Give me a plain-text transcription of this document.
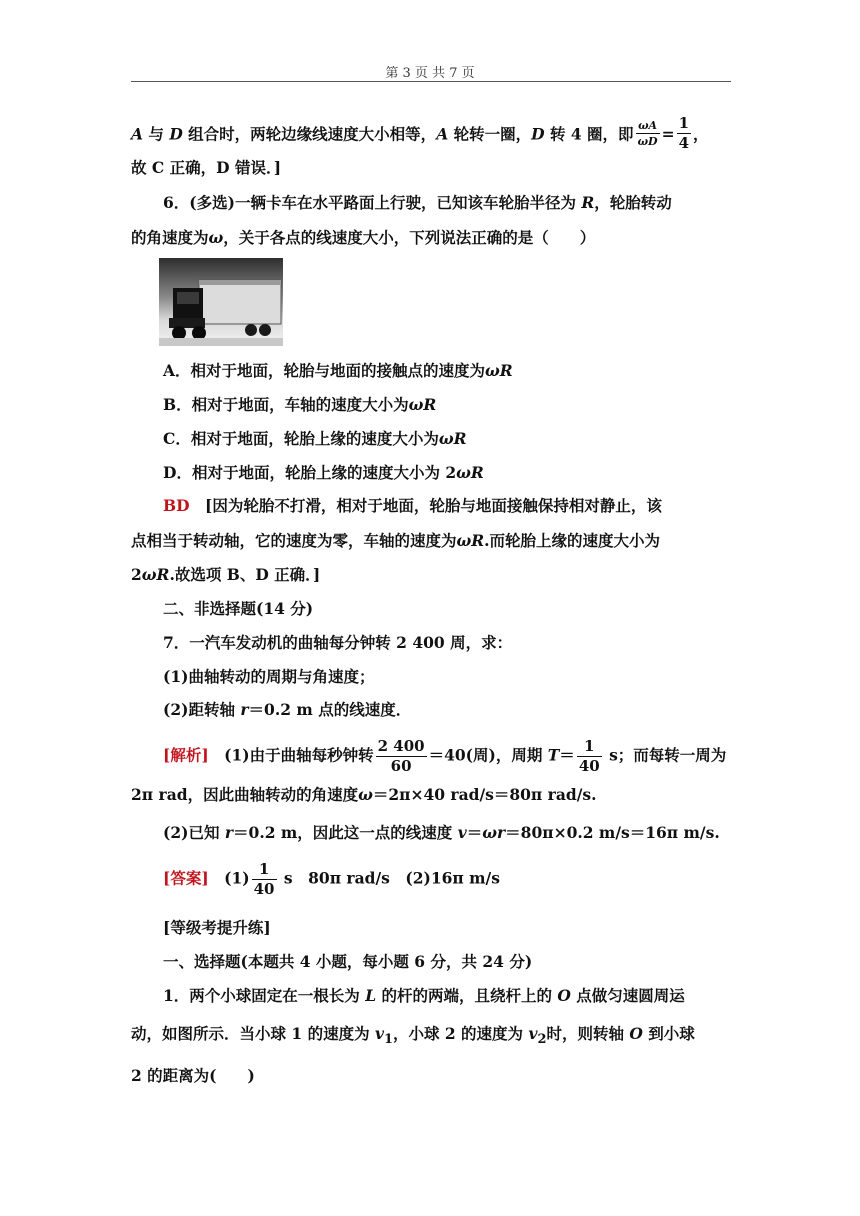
第 3 页 共 7 页
A 与 D 组合时，两轮边缘线速度大小相等，A 轮转一圈，D 转 4 圈，即 $\frac{\omega A}{\omega D} = \frac{1}{4}$ ，
故 C 正确，D 错误．]
6．(多选)一辆卡车在水平路面上行驶，已知该车轮胎半径为 R，轮胎转动
的角速度为ω，关于各点的线速度大小，下列说法正确的是（　　）
A．相对于地面，轮胎与地面的接触点的速度为ωR
B．相对于地面，车轴的速度大小为ωR
C．相对于地面，轮胎上缘的速度大小为ωR
D．相对于地面，轮胎上缘的速度大小为 2ωR
BD　[因为轮胎不打滑，相对于地面，轮胎与地面接触保持相对静止，该
点相当于转动轴，它的速度为零，车轴的速度为ωR.而轮胎上缘的速度大小为
2ωR.故选项 B、D 正确．]
二、非选择题(14 分)
7．一汽车发动机的曲轴每分钟转 2 400 周，求：
(1)曲轴转动的周期与角速度；
(2)距转轴 r＝0.2 m 点的线速度．
[解析]　(1)由于曲轴每秒钟转 $\frac{2 400}{60} =40$(周)，周期 $T= \frac{1}{40}$ s；而每转一周为
2π rad，因此曲轴转动的角速度ω＝2π×40 rad/s＝80π rad/s.
(2)已知 r＝0.2 m，因此这一点的线速度 v＝ωr＝80π×0.2 m/s＝16π m/s.
[答案]　$(1) \frac{1}{40}$ s　80π rad/s　(2)16π m/s
[等级考提升练]
一、选择题(本题共 4 小题，每小题 6 分，共 24 分)
1．两个小球固定在一根长为 L 的杆的两端，且绕杆上的 O 点做匀速圆周运
动，如图所示．当小球 1 的速度为 $v_1$，小球 2 的速度为 $v_2$时，则转轴 O 到小球
2 的距离为(　　)
